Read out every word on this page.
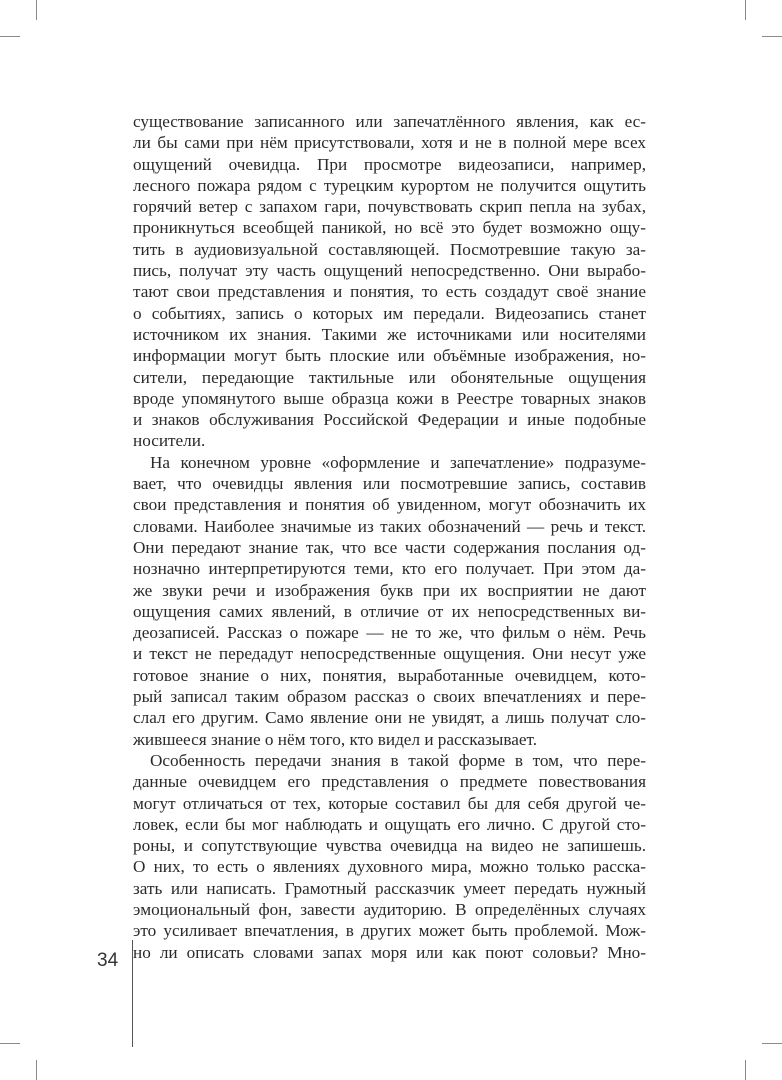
существование записанного или запечатлённого явления, как ес-
ли бы сами при нём присутствовали, хотя и не в полной мере всех
ощущений очевидца. При просмотре видеозаписи, например,
лесного пожара рядом с турецким курортом не получится ощутить
горячий ветер с запахом гари, почувствовать скрип пепла на зубах,
проникнуться всеобщей паникой, но всё это будет возможно ощу-
тить в аудиовизуальной составляющей. Посмотревшие такую за-
пись, получат эту часть ощущений непосредственно. Они вырабо-
тают свои представления и понятия, то есть создадут своё знание
о событиях, запись о которых им передали. Видеозапись станет
источником их знания. Такими же источниками или носителями
информации могут быть плоские или объёмные изображения, но-
сители, передающие тактильные или обонятельные ощущения
вроде упомянутого выше образца кожи в Реестре товарных знаков
и знаков обслуживания Российской Федерации и иные подобные
носители.
На конечном уровне «оформление и запечатление» подразуме-
вает, что очевидцы явления или посмотревшие запись, составив
свои представления и понятия об увиденном, могут обозначить их
словами. Наиболее значимые из таких обозначений — речь и текст.
Они передают знание так, что все части содержания послания од-
нозначно интерпретируются теми, кто его получает. При этом да-
же звуки речи и изображения букв при их восприятии не дают
ощущения самих явлений, в отличие от их непосредственных ви-
деозаписей. Рассказ о пожаре — не то же, что фильм о нём. Речь
и текст не передадут непосредственные ощущения. Они несут уже
готовое знание о них, понятия, выработанные очевидцем, кото-
рый записал таким образом рассказ о своих впечатлениях и пере-
слал его другим. Само явление они не увидят, а лишь получат сло-
жившееся знание о нём того, кто видел и рассказывает.
Особенность передачи знания в такой форме в том, что пере-
данные очевидцем его представления о предмете повествования
могут отличаться от тех, которые составил бы для себя другой че-
ловек, если бы мог наблюдать и ощущать его лично. С другой сто-
роны, и сопутствующие чувства очевидца на видео не запишешь.
О них, то есть о явлениях духовного мира, можно только расска-
зать или написать. Грамотный рассказчик умеет передать нужный
эмоциональный фон, завести аудиторию. В определённых случаях
это усиливает впечатления, в других может быть проблемой. Мож-
но ли описать словами запах моря или как поют соловьи? Мно-
34
